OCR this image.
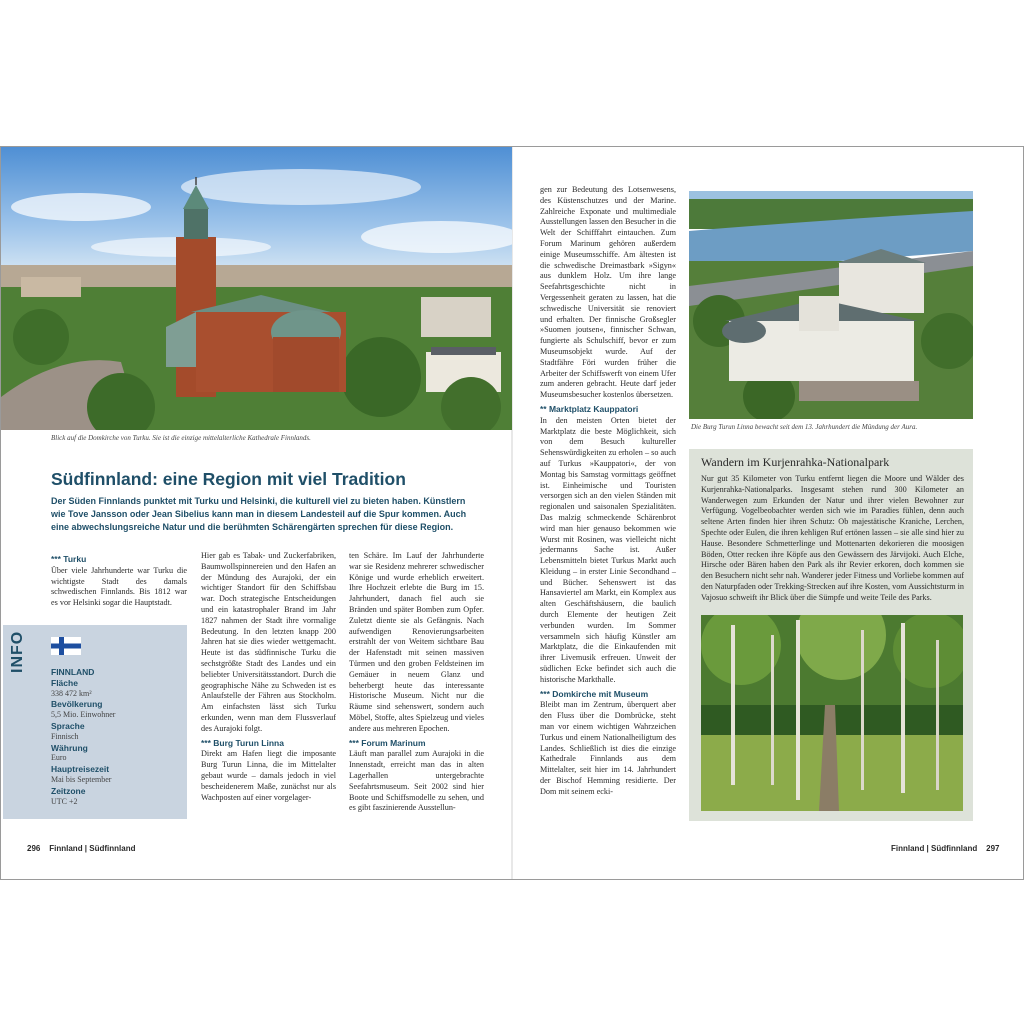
Blick auf die Domkirche von Turku. Sie ist die einzige mittelalterliche Kathedrale Finnlands.
Südfinnland: eine Region mit viel Tradition
Der Süden Finnlands punktet mit Turku und Helsinki, die kulturell viel zu bieten haben. Künstlern wie Tove Jansson oder Jean Sibelius kann man in diesem Landesteil auf die Spur kommen. Auch eine abwechslungsreiche Natur und die berühmten Schärengärten sprechen für diese Region.
*** Turku

Über viele Jahrhunderte war Turku die wichtigste Stadt des damals schwedischen Finnlands. Bis 1812 war es vor Helsinki sogar die Hauptstadt.

INFO	FINNLAND
Fläche
338 472 km²
Bevölkerung
5,5 Mio. Einwohner
Sprache
Finnisch
Währung
Euro
Hauptreisezeit
Mai bis September
Zeitzone
UTC +2

Hier gab es Tabak- und Zuckerfabriken, Baumwollspinnereien und den Hafen an der Mündung des Aurajoki, der ein wichtiger Standort für den Schiffsbau war. Doch strategische Entscheidungen und ein katastrophaler Brand im Jahr 1827 nahmen der Stadt ihre vormalige Bedeutung. In den letzten knapp 200 Jahren hat sie dies wieder wettgemacht. Heute ist das südfinnische Turku die sechstgrößte Stadt des Landes und ein beliebter Universitätsstandort. Durch die geographische Nähe zu Schweden ist es Anlaufstelle der Fähren aus Stockholm. Am einfachsten lässt sich Turku erkunden, wenn man dem Flussverlauf des Aurajoki folgt.

*** Burg Turun Linna

Direkt am Hafen liegt die imposante Burg Turun Linna, die im Mittelalter gebaut wurde – damals jedoch in viel bescheidenerem Maße, zunächst nur als Wachposten auf einer vorgelager-

ten Schäre. Im Lauf der Jahrhunderte war sie Residenz mehrerer schwedischer Könige und wurde erheblich erweitert. Ihre Hochzeit erlebte die Burg im 15. Jahrhundert, danach fiel auch sie Bränden und später Bomben zum Opfer. Zuletzt diente sie als Gefängnis. Nach aufwendigen Renovierungsarbeiten erstrahlt der von Weitem sichtbare Bau der Hafenstadt mit seinen massiven Türmen und den groben Feldsteinen im Gemäuer in neuem Glanz und beherbergt heute das interessante Historische Museum. Nicht nur die Räume sind sehenswert, sondern auch Möbel, Stoffe, altes Spielzeug und vieles andere aus mehreren Epochen.

*** Forum Marinum

Läuft man parallel zum Aurajoki in die Innenstadt, erreicht man das in alten Lagerhallen untergebrachte Seefahrtsmuseum. Seit 2002 sind hier Boote und Schiffsmodelle zu sehen, und es gibt faszinierende Ausstellun-

296 Finnland | Südfinnland

gen zur Bedeutung des Lotsenwesens, des Küstenschutzes und der Marine. Zahlreiche Exponate und multimediale Ausstellungen lassen den Besucher in die Welt der Schifffahrt eintauchen. Zum Forum Marinum gehören außerdem einige Museumsschiffe. Am ältesten ist die schwedische Dreimastbark »Sigyn« aus dunklem Holz. Um ihre lange Seefahrtsgeschichte nicht in Vergessenheit geraten zu lassen, hat die schwedische Universität sie renoviert und erhalten. Der finnische Großsegler »Suomen joutsen«, finnischer Schwan, fungierte als Schulschiff, bevor er zum Museumsobjekt wurde. Auf der Stadtfähre Föri wurden früher die Arbeiter der Schiffswerft von einem Ufer zum anderen gebracht. Heute darf jeder Museumsbesucher kostenlos übersetzen.

** Marktplatz Kauppatori

In den meisten Orten bietet der Marktplatz die beste Möglichkeit, sich von dem Besuch kultureller Sehenswürdigkeiten zu erholen – so auch auf Turkus »Kauppatori«, der von Montag bis Samstag vormittags geöffnet ist. Einheimische und Touristen versorgen sich an den vielen Ständen mit regionalen und saisonalen Spezialitäten. Das malzig schmeckende Schärenbrot wird man hier genauso bekommen wie Wurst mit Rosinen, was vielleicht nicht jedermanns Sache ist. Außer Lebensmitteln bietet Turkus Markt auch Kleidung – in erster Linie Secondhand – und Bücher. Sehenswert ist das Hansaviertel am Markt, ein Komplex aus alten Geschäftshäusern, die baulich durch Elemente der heutigen Zeit verbunden wurden. Im Sommer versammeln sich häufig Künstler am Marktplatz, die die Einkaufenden mit ihrer Livemusik erfreuen. Unweit der südlichen Ecke befindet sich auch die historische Markthalle.

*** Domkirche mit Museum

Bleibt man im Zentrum, überquert aber den Fluss über die Dombrücke, steht man vor einem wichtigen Wahrzeichen Turkus und einem Nationalheiligtum des Landes. Schließlich ist dies die einzige Kathedrale Finnlands aus dem Mittelalter, seit hier im 14. Jahrhundert der Bischof Hemming residierte. Der Dom mit seinem ecki-

Die Burg Turun Linna bewacht seit dem 13. Jahrhundert die Mündung der Aura.
Wandern im Kurjenrahka-Nationalpark
Nur gut 35 Kilometer von Turku entfernt liegen die Moore und Wälder des Kurjenrahka-Nationalparks. Insgesamt stehen rund 300 Kilometer an Wanderwegen zum Erkunden der Natur und ihrer vielen Bewohner zur Verfügung. Vogelbeobachter werden sich wie im Paradies fühlen, denn auch seltene Arten finden hier ihren Schutz: Ob majestätische Kraniche, Lerchen, Spechte oder Eulen, die ihren kehligen Ruf ertönen lassen – sie alle sind hier zu Hause. Besondere Schmetterlinge und Mottenarten dekorieren die moosigen Böden, Otter recken ihre Köpfe aus den Gewässern des Järvijoki. Auch Elche, Hirsche oder Bären haben den Park als ihr Revier erkoren, doch kommen sie den Besuchern nicht sehr nah. Wanderer jeder Fitness und Vorliebe kommen auf den Naturpfaden oder Trekking-Strecken auf ihre Kosten, vom Aussichtsturm in Vajosuo schweift ihr Blick über die Sümpfe und weite Teile des Parks.
Finnland | Südfinnland 297
